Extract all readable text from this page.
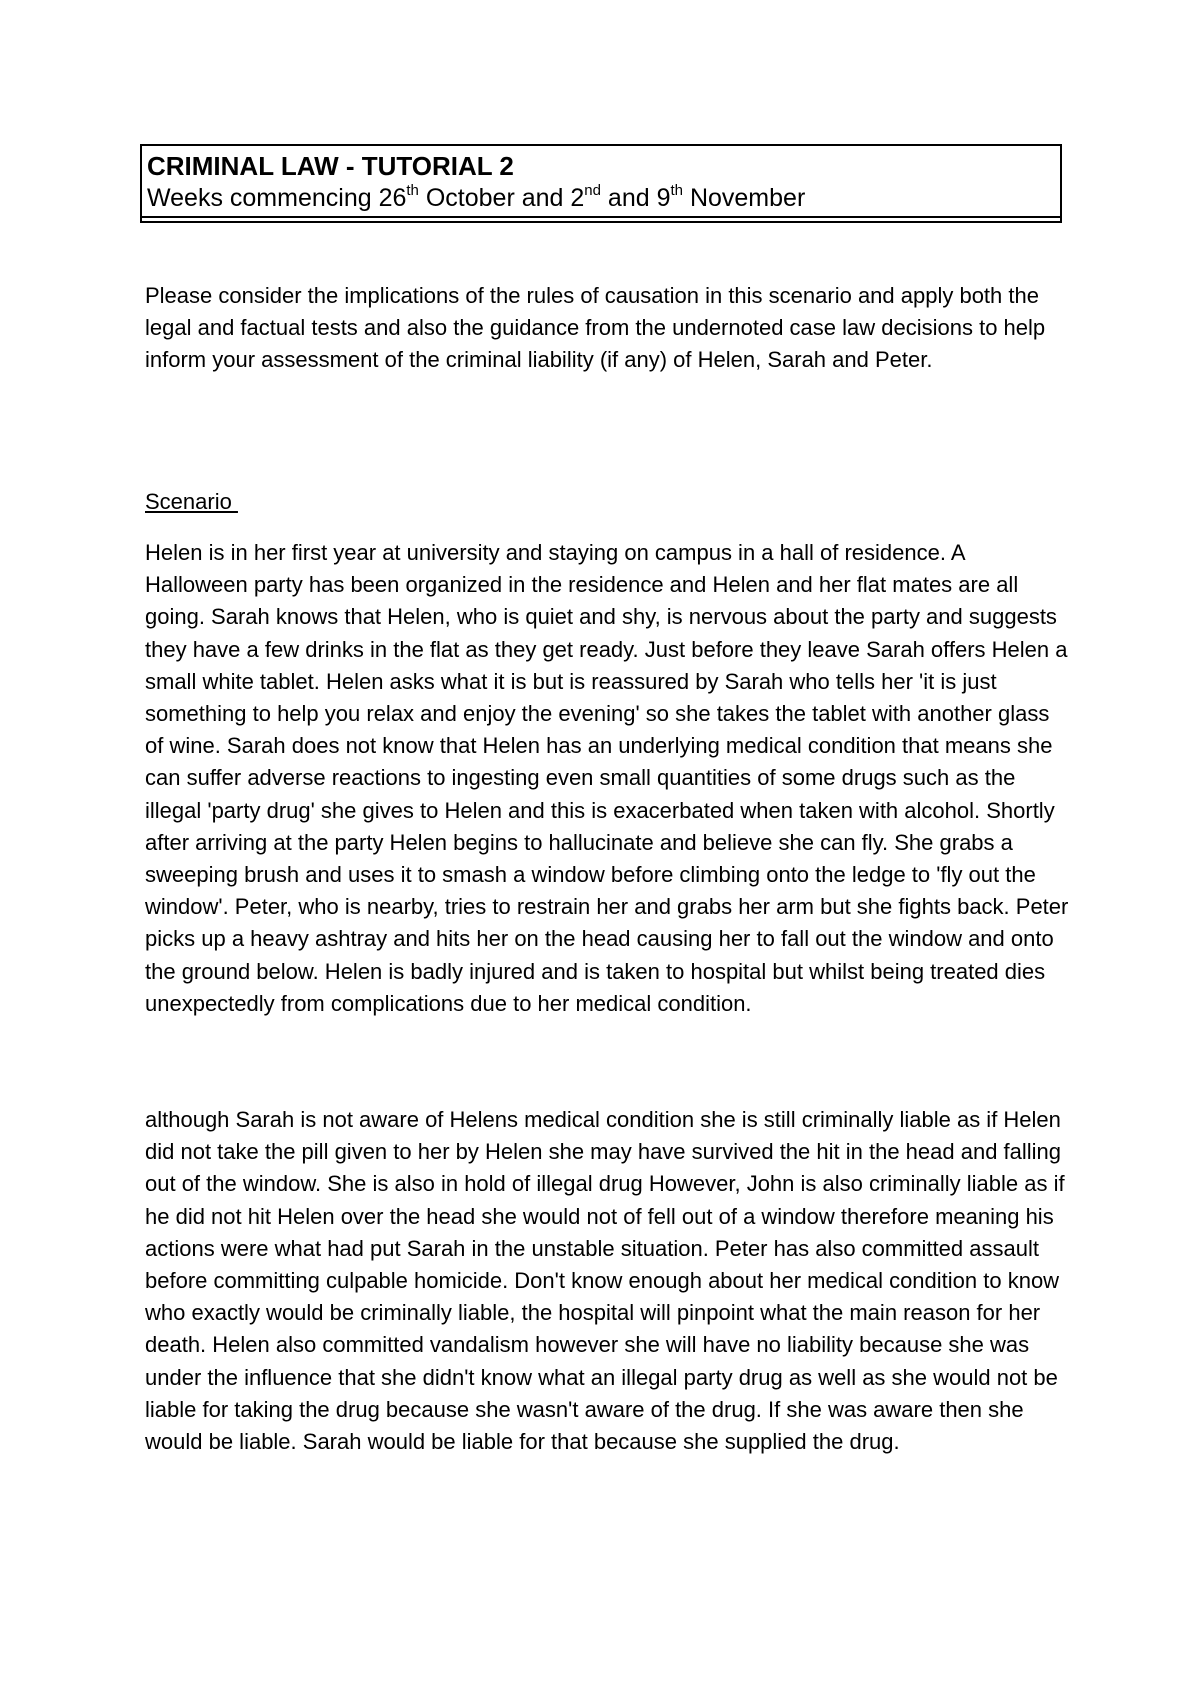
CRIMINAL LAW - TUTORIAL 2
Weeks commencing 26th October and 2nd and 9th November

Please consider the implications of the rules of causation in this scenario and apply both the legal and factual tests and also the guidance from the undernoted case law decisions to help inform your assessment of the criminal liability (if any) of Helen, Sarah and Peter.

Scenario

Helen is in her first year at university and staying on campus in a hall of residence. A Halloween party has been organized in the residence and Helen and her flat mates are all going. Sarah knows that Helen, who is quiet and shy, is nervous about the party and suggests they have a few drinks in the flat as they get ready. Just before they leave Sarah offers Helen a small white tablet. Helen asks what it is but is reassured by Sarah who tells her 'it is just something to help you relax and enjoy the evening' so she takes the tablet with another glass of wine. Sarah does not know that Helen has an underlying medical condition that means she can suffer adverse reactions to ingesting even small quantities of some drugs such as the illegal 'party drug' she gives to Helen and this is exacerbated when taken with alcohol. Shortly after arriving at the party Helen begins to hallucinate and believe she can fly. She grabs a sweeping brush and uses it to smash a window before climbing onto the ledge to 'fly out the window'. Peter, who is nearby, tries to restrain her and grabs her arm but she fights back. Peter picks up a heavy ashtray and hits her on the head causing her to fall out the window and onto the ground below. Helen is badly injured and is taken to hospital but whilst being treated dies unexpectedly from complications due to her medical condition.

although Sarah is not aware of Helens medical condition she is still criminally liable as if Helen did not take the pill given to her by Helen she may have survived the hit in the head and falling out of the window. She is also in hold of illegal drug However, John is also criminally liable as if he did not hit Helen over the head she would not of fell out of a window therefore meaning his actions were what had put Sarah in the unstable situation. Peter has also committed assault before committing culpable homicide. Don't know enough about her medical condition to know who exactly would be criminally liable, the hospital will pinpoint what the main reason for her death. Helen also committed vandalism however she will have no liability because she was under the influence that she didn't know what an illegal party drug as well as she would not be liable for taking the drug because she wasn't aware of the drug. If she was aware then she would be liable. Sarah would be liable for that because she supplied the drug.
